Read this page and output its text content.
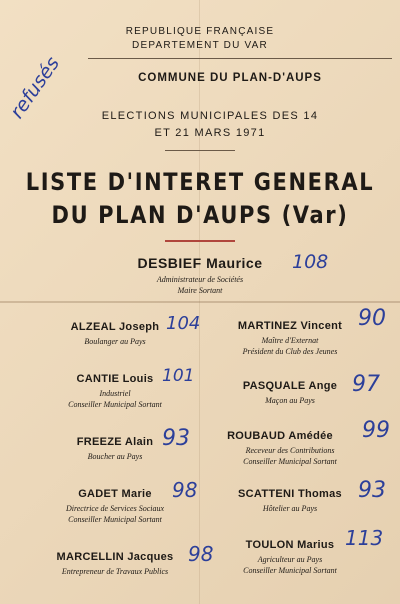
REPUBLIQUE FRANÇAISE
DEPARTEMENT DU VAR
COMMUNE DU PLAN-D'AUPS
ELECTIONS MUNICIPALES DES 14
ET 21 MARS 1971
refusés
LISTE D'INTERET GENERAL
DU PLAN D'AUPS (Var)
DESBIEF Maurice	108
Administrateur de Sociétés
Maire Sortant
ALZEAL Joseph
Boulanger au Pays
104
CANTIE Louis
Industriel
Conseiller Municipal Sortant
101
FREEZE Alain
Boucher au Pays
93
GADET Marie
Directrice de Services Sociaux
Conseiller Municipal Sortant
98
MARCELLIN Jacques
Entrepreneur de Travaux Publics
98
MARTINEZ Vincent
Maître d'Externat
Président du Club des Jeunes
90
PASQUALE Ange
Maçon au Pays
97
ROUBAUD Amédée
Receveur des Contributions
Conseiller Municipal Sortant
99
SCATTENI Thomas
Hôtelier au Pays
93
TOULON Marius
Agriculteur au Pays
Conseiller Municipal Sortant
113
